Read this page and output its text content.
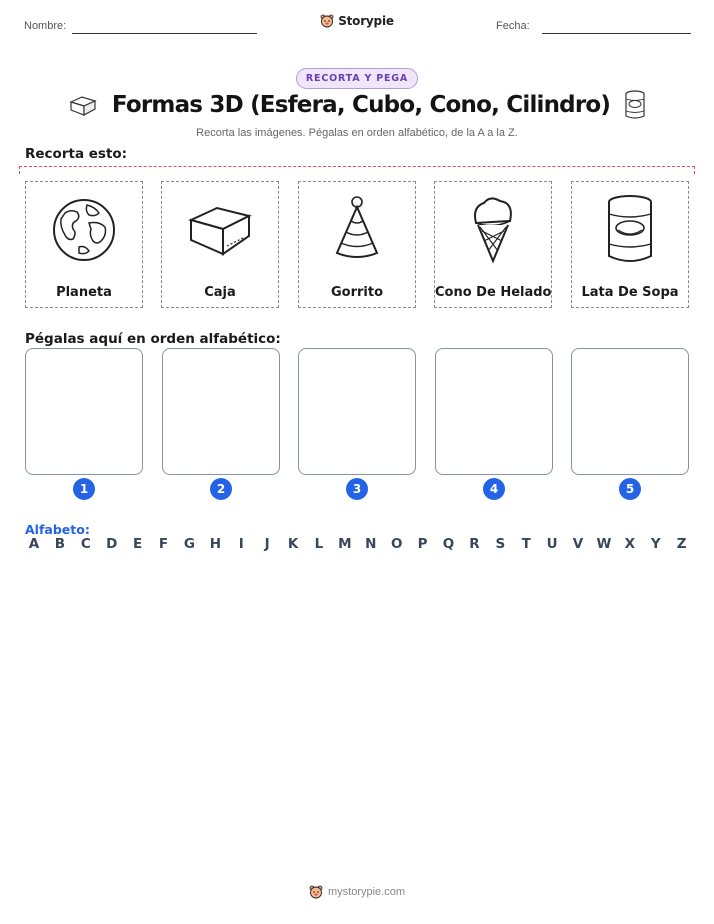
Nombre:	Storypie	Fecha:
RECORTA Y PEGA
Formas 3D (Esfera, Cubo, Cono, Cilindro)
Recorta las imágenes. Pégalas en orden alfabético, de la A a la Z.
Recorta esto:
Planeta	Caja	Gorrito	Cono De Helado	Lata De Sopa
Pégalas aquí en orden alfabético:
1	2	3	4	5
Alfabeto:
A B C D E F G H	I	J	K L M N O P Q R S T U V W X Y Z
mystorypie.com
